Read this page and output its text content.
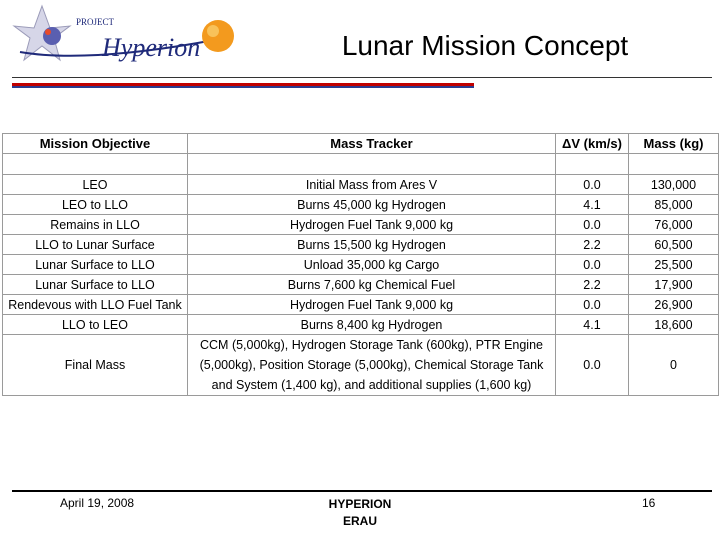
PROJECT
Hyperion	Lunar Mission Concept
Mission Objective	Mass Tracker	ΔV (km/s)	Mass (kg)

LEO	Initial Mass from Ares V	0.0	130,000
LEO to LLO	Burns 45,000 kg Hydrogen	4.1	85,000
Remains in LLO	Hydrogen Fuel Tank 9,000 kg	0.0	76,000
LLO to Lunar Surface	Burns 15,500 kg Hydrogen	2.2	60,500
Lunar Surface to LLO	Unload 35,000 kg Cargo	0.0	25,500
Lunar Surface to LLO	Burns 7,600 kg Chemical Fuel	2.2	17,900
Rendevous with LLO Fuel Tank	Hydrogen Fuel Tank 9,000 kg	0.0	26,900
LLO to LEO	Burns 8,400 kg Hydrogen	4.1	18,600
Final Mass	CCM (5,000kg), Hydrogen Storage Tank (600kg), PTR Engine (5,000kg), Position Storage (5,000kg), Chemical Storage Tank and System (1,400 kg), and additional supplies (1,600 kg)	0.0	0
April 19, 2008	HYPERION
ERAU
16
